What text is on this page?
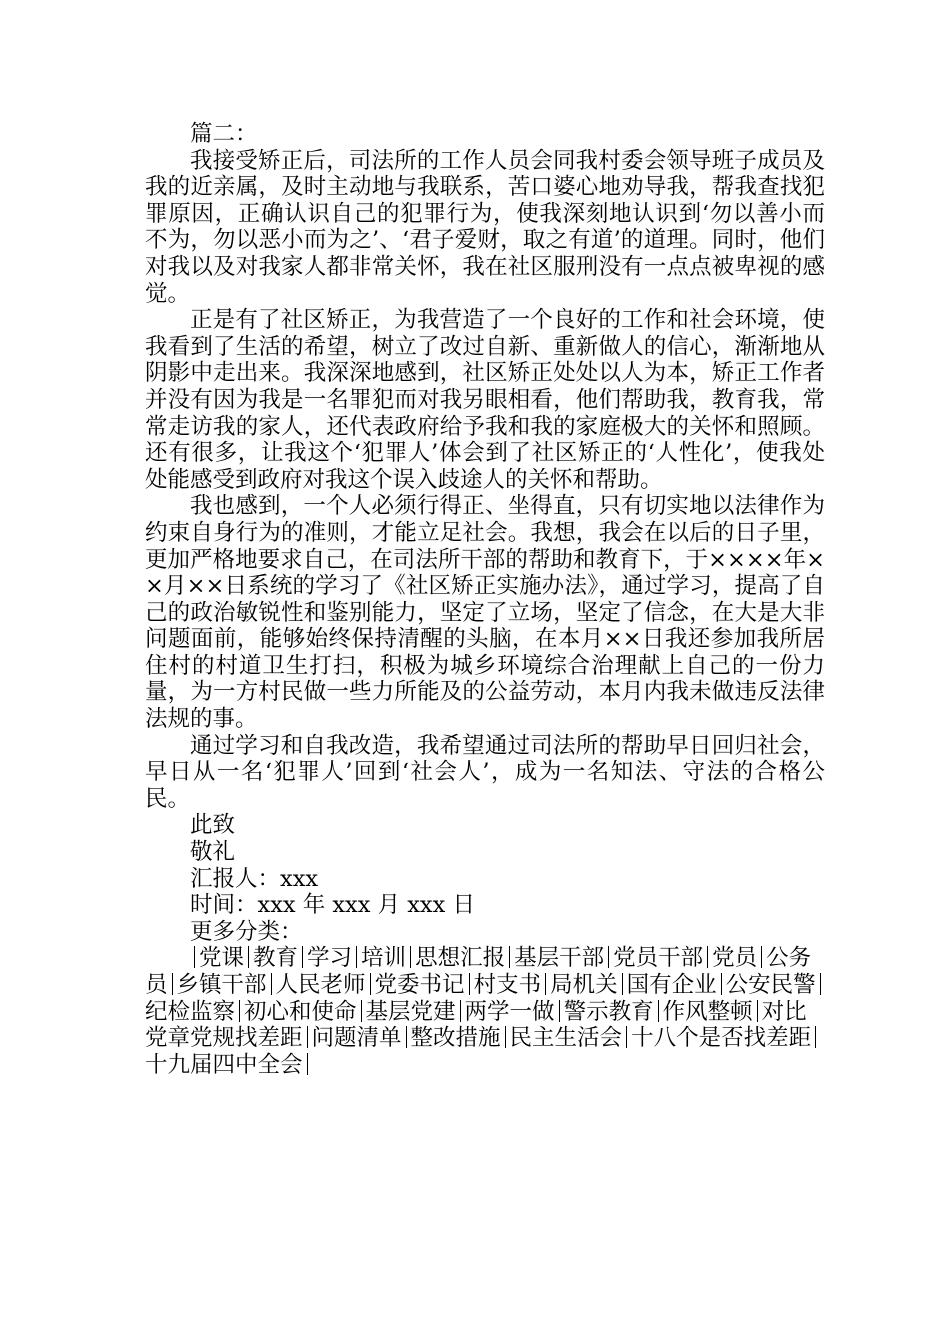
篇二：

我接受矫正后，司法所的工作人员会同我村委会领导班子成员及我的近亲属，及时主动地与我联系，苦口婆心地劝导我，帮我查找犯罪原因，正确认识自己的犯罪行为，使我深刻地认识到‘勿以善小而不为，勿以恶小而为之’、‘君子爱财，取之有道’的道理。同时，他们对我以及对我家人都非常关怀，我在社区服刑没有一点点被卑视的感觉。

正是有了社区矫正，为我营造了一个良好的工作和社会环境，使我看到了生活的希望，树立了改过自新、重新做人的信心，渐渐地从阴影中走出来。我深深地感到，社区矫正处处以人为本，矫正工作者并没有因为我是一名罪犯而对我另眼相看，他们帮助我，教育我，常常走访我的家人，还代表政府给予我和我的家庭极大的关怀和照顾。还有很多，让我这个‘犯罪人’体会到了社区矫正的‘人性化’，使我处处能感受到政府对我这个误入歧途人的关怀和帮助。

我也感到，一个人必须行得正、坐得直，只有切实地以法律作为约束自身行为的准则，才能立足社会。我想，我会在以后的日子里，更加严格地要求自己，在司法所干部的帮助和教育下，于××××年××月××日系统的学习了《社区矫正实施办法》，通过学习，提高了自己的政治敏锐性和鉴别能力，坚定了立场，坚定了信念，在大是大非问题面前，能够始终保持清醒的头脑，在本月××日我还参加我所居住村的村道卫生打扫，积极为城乡环境综合治理献上自己的一份力量，为一方村民做一些力所能及的公益劳动，本月内我未做违反法律法规的事。

通过学习和自我改造，我希望通过司法所的帮助早日回归社会，早日从一名‘犯罪人’回到‘社会人’，成为一名知法、守法的合格公民。

此致

敬礼

汇报人：xxx

时间：xxx 年 xxx 月 xxx 日

更多分类：

党课 教育 学习 培训 思想汇报 基层干部 党员干部 党员 公务员 乡镇干部 人民老师 党委书记 村支书 局机关 国有企业 公安民警纪检监察 初心和使命 基层党建 两学一做 警示教育 作风整顿 对比党章党规找差距 问题清单 整改措施 民主生活会 十八个是否找差距十九届四中全会
